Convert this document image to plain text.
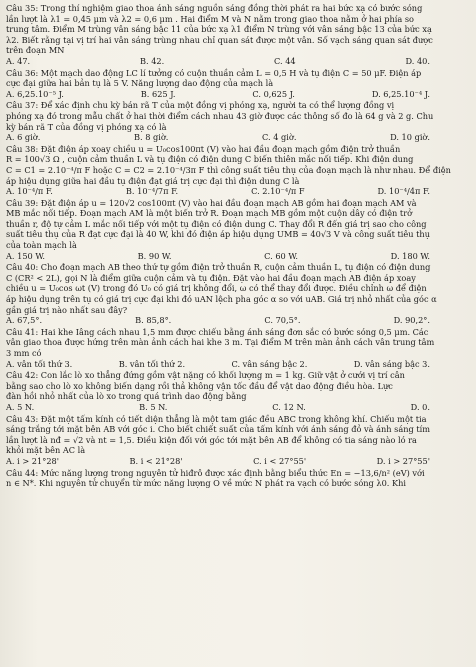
Câu 35: Trong thí nghiệm giao thoa ánh sáng nguồn sáng đồng thời phát ra hai bức xạ có bước sóng
lần lượt là λ1 = 0,45 μm và λ2 = 0,6 μm . Hai điểm M và N nằm trong giao thoa nằm ở hai phía so
trung tâm. Điểm M trùng vân sáng bậc 11 của bức xạ λ1 điểm N trùng với vân sáng bậc 13 của bức xạ
λ2. Biết rằng tại vị trí hai vân sáng trùng nhau chỉ quan sát được một vân. Số vạch sáng quan sát được
trên đoạn MN
A. 47.	B. 42.	C. 44	D. 40.
Câu 36: Một mạch dao động LC lí tưởng có cuộn thuần cảm L = 0,5 H và tụ điện C = 50 μF. Điện áp
cực đại giữa hai bản tụ là 5 V. Năng lượng dao động của mạch là
A. 6,25.10⁻⁵ J.	B. 625 J.	C. 0,625 J.	D. 6,25.10⁻⁴ J.
Câu 37: Để xác định chu kỳ bán rã T của một đồng vị phóng xạ, người ta có thể lượng đồng vị
phóng xạ đó trong mẫu chất ở hai thời điểm cách nhau 43 giờ được các thông số đo là 64 g và 2 g. Chu
kỳ bán rã T của đồng vị phóng xạ có là
A. 6 giờ.	B. 8 giờ.	C. 4 giờ.	D. 10 giờ.
Câu 38: Đặt điện áp xoay chiều u = U₀cos100πt (V) vào hai đầu đoạn mạch gồm điện trở thuần
R = 100√3 Ω , cuộn cảm thuần L và tụ điện có điện dung C biến thiên mắc nối tiếp. Khi điện dung
C = C1 = 2.10⁻⁴/π F hoặc C = C2 = 2.10⁻⁴/3π F thì công suất tiêu thụ của đoạn mạch là như nhau. Để điện
áp hiệu dụng giữa hai đầu tụ điện đạt giá trị cực đại thì điện dung C là
A. 10⁻⁴/π F.	B. 10⁻⁴/7π F.	C. 2.10⁻⁴/π F	D. 10⁻⁴/4π F.
Câu 39: Đặt điện áp u = 120√2 cos100πt (V) vào hai đầu đoạn mạch AB gồm hai đoạn mạch AM và
MB mắc nối tiếp. Đoạn mạch AM là một biến trở R. Đoạn mạch MB gồm một cuộn dây có điện trở
thuần r, độ tự cảm L mắc nối tiếp với một tụ điện có điện dung C. Thay đổi R đến giá trị sao cho công
suất tiêu thụ của R đạt cực đại là 40 W, khi đó điện áp hiệu dụng UMB = 40√3 V và công suất tiêu thụ
của toàn mạch là
A. 150 W.	B. 90 W.	C. 60 W.	D. 180 W.
Câu 40: Cho đoạn mạch AB theo thứ tự gồm điện trở thuần R, cuộn cảm thuần L, tụ điện có điện dung
C (CR² < 2L), gọi N là điểm giữa cuộn cảm và tụ điện. Đặt vào hai đầu đoạn mạch AB điện áp xoay
chiều u = U₀cos ωt (V) trong đó U₀ có giá trị không đổi, ω có thể thay đổi được. Điều chỉnh ω để điện
áp hiệu dụng trên tụ có giá trị cực đại khi đó uAN lệch pha góc α so với uAB. Giá trị nhỏ nhất của góc α
gần giá trị nào nhất sau đây?
A. 67,5°.	B. 85,8°.	C. 70,5°.	D. 90,2°.
Câu 41: Hai khe Iâng cách nhau 1,5 mm được chiếu bằng ánh sáng đơn sắc có bước sóng 0,5 μm. Các
vân giao thoa được hứng trên màn ảnh cách hai khe 3 m. Tại điểm M trên màn ảnh cách vân trung tâm
3 mm có
A. vân tối thứ 3.	B. vân tối thứ 2.	C. vân sáng bậc 2.	D. vân sáng bậc 3.
Câu 42: Con lắc lò xo thẳng đứng gồm vật nặng có khối lượng m = 1 kg. Giữ vật ở cưới vị trí cân
bằng sao cho lò xo không biến dạng rồi thả không vận tốc đầu để vật dao động điều hòa. Lực
đàn hồi nhỏ nhất của lò xo trong quá trình dao động bằng
A. 5 N.	B. 5 N.	C. 12 N.	D. 0.
Câu 43: Đặt một tấm kính có tiết diện thẳng là một tam giác đều ABC trong không khí. Chiếu một tia
sáng trắng tới mặt bên AB với góc i. Cho biết chiết suất của tấm kính với ánh sáng đỏ và ánh sáng tím
lần lượt là nđ = √2 và nt = 1,5. Điều kiện đối với góc tới mặt bên AB để không có tia sáng nào ló ra
khỏi mặt bên AC là
A. i > 21°28'	B. i < 21°28'	C. i < 27°55'	D. i > 27°55'
Câu 44: Mức năng lượng trong nguyên tử hiđrô được xác định bằng biểu thức En = −13,6/n² (eV) với
n ∈ N*. Khi nguyên tử chuyển từ mức năng lượng O về mức N phát ra vạch có bước sóng λ0. Khi
